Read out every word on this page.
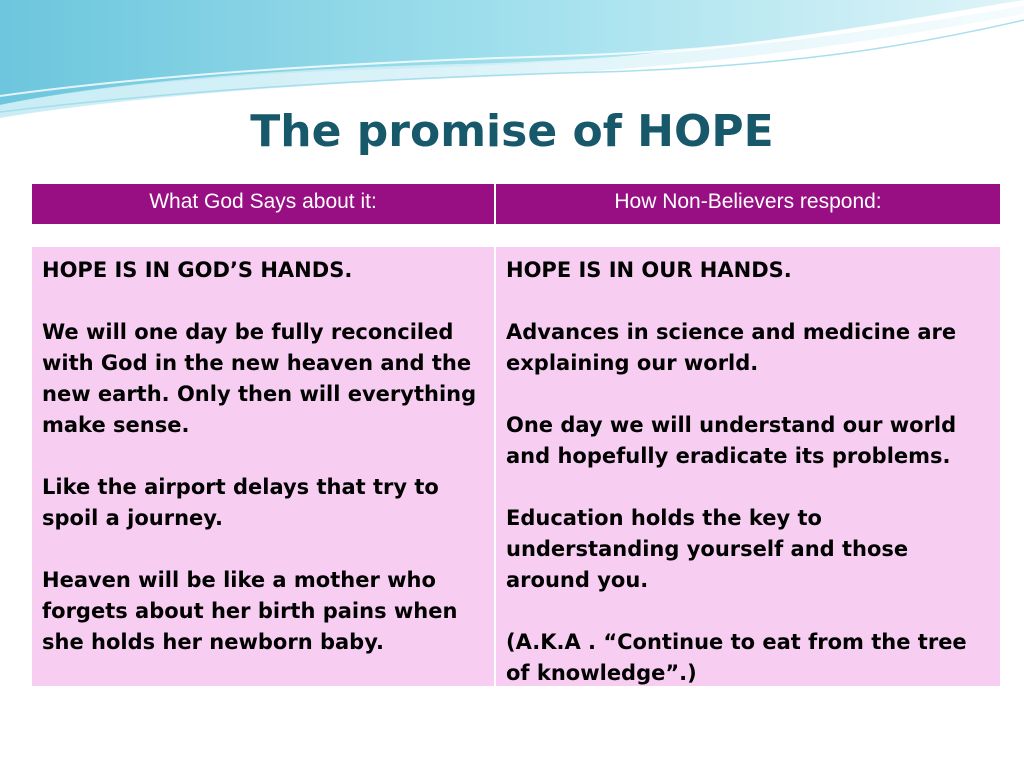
The promise of HOPE
What God Says about it:	How Non-Believers respond:

HOPE IS IN GOD’S HANDS.

We will one day be fully reconciled with God in the new heaven and the new earth. Only then will everything make sense.

Like the airport delays that try to spoil a journey.

Heaven will be like a mother who forgets about her birth pains when she holds her newborn baby.

HOPE IS IN OUR HANDS.

Advances in science and medicine are explaining our world.

One day we will understand our world and hopefully eradicate its problems.

Education holds the key to understanding yourself and those around you.

(A.K.A . “Continue to eat from the tree of knowledge”.)
